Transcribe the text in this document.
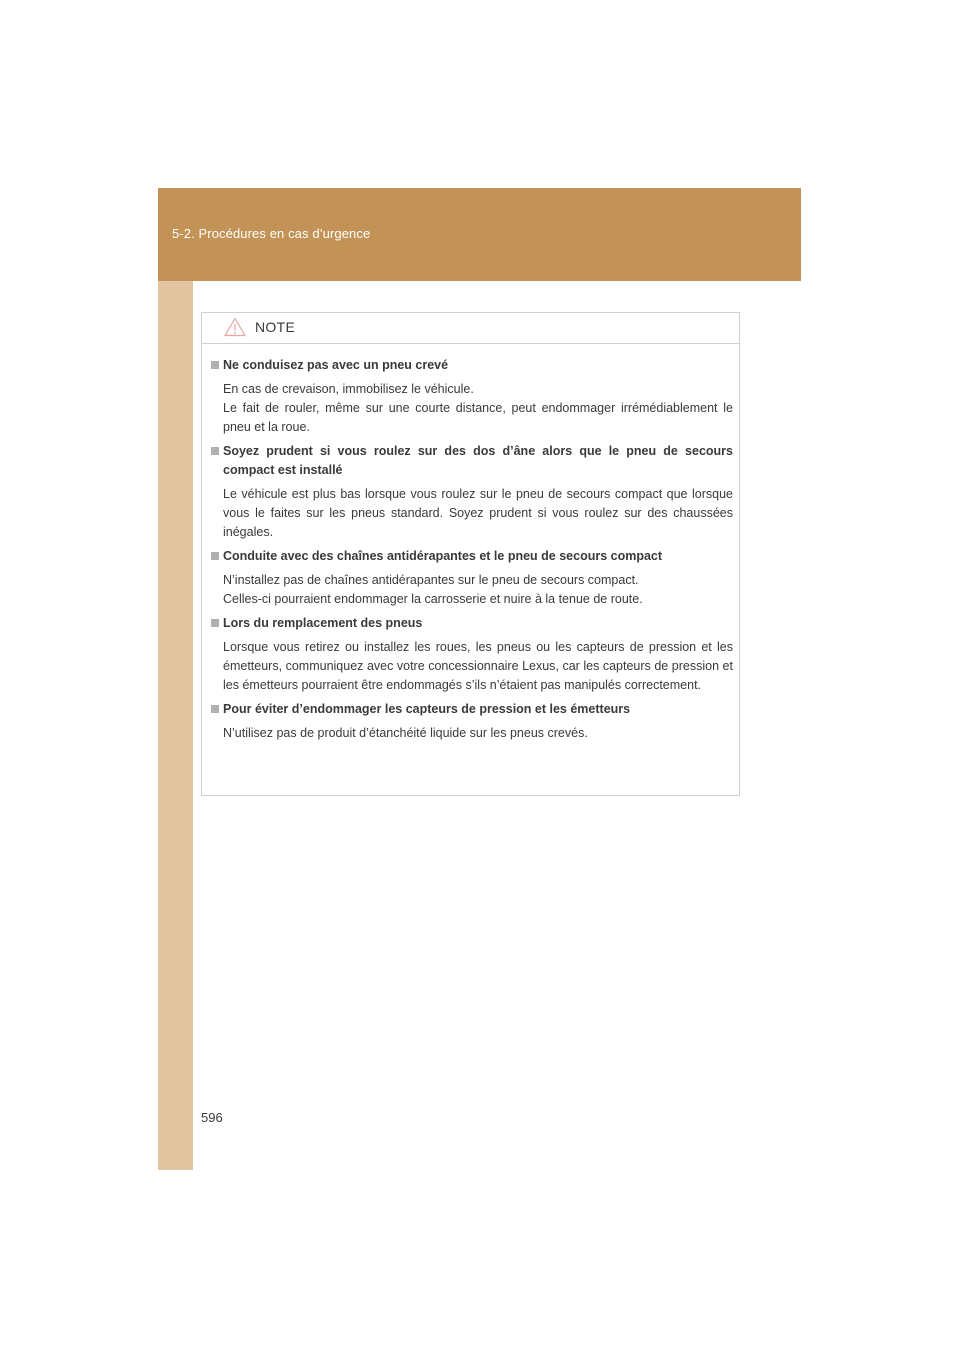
5-2. Procédures en cas d’urgence
NOTE
Ne conduisez pas avec un pneu crevé

En cas de crevaison, immobilisez le véhicule.

Le fait de rouler, même sur une courte distance, peut endommager irrémédiablement le pneu et la roue.

Soyez prudent si vous roulez sur des dos d’âne alors que le pneu de secours compact est installé

Le véhicule est plus bas lorsque vous roulez sur le pneu de secours compact que lorsque vous le faites sur les pneus standard. Soyez prudent si vous roulez sur des chaussées inégales.

Conduite avec des chaînes antidérapantes et le pneu de secours compact

N’installez pas de chaînes antidérapantes sur le pneu de secours compact.

Celles-ci pourraient endommager la carrosserie et nuire à la tenue de route.

Lors du remplacement des pneus

Lorsque vous retirez ou installez les roues, les pneus ou les capteurs de pression et les émetteurs, communiquez avec votre concessionnaire Lexus, car les capteurs de pression et les émetteurs pourraient être endommagés s’ils n’étaient pas manipulés correctement.

Pour éviter d’endommager les capteurs de pression et les émetteurs

N’utilisez pas de produit d’étanchéité liquide sur les pneus crevés.

596
